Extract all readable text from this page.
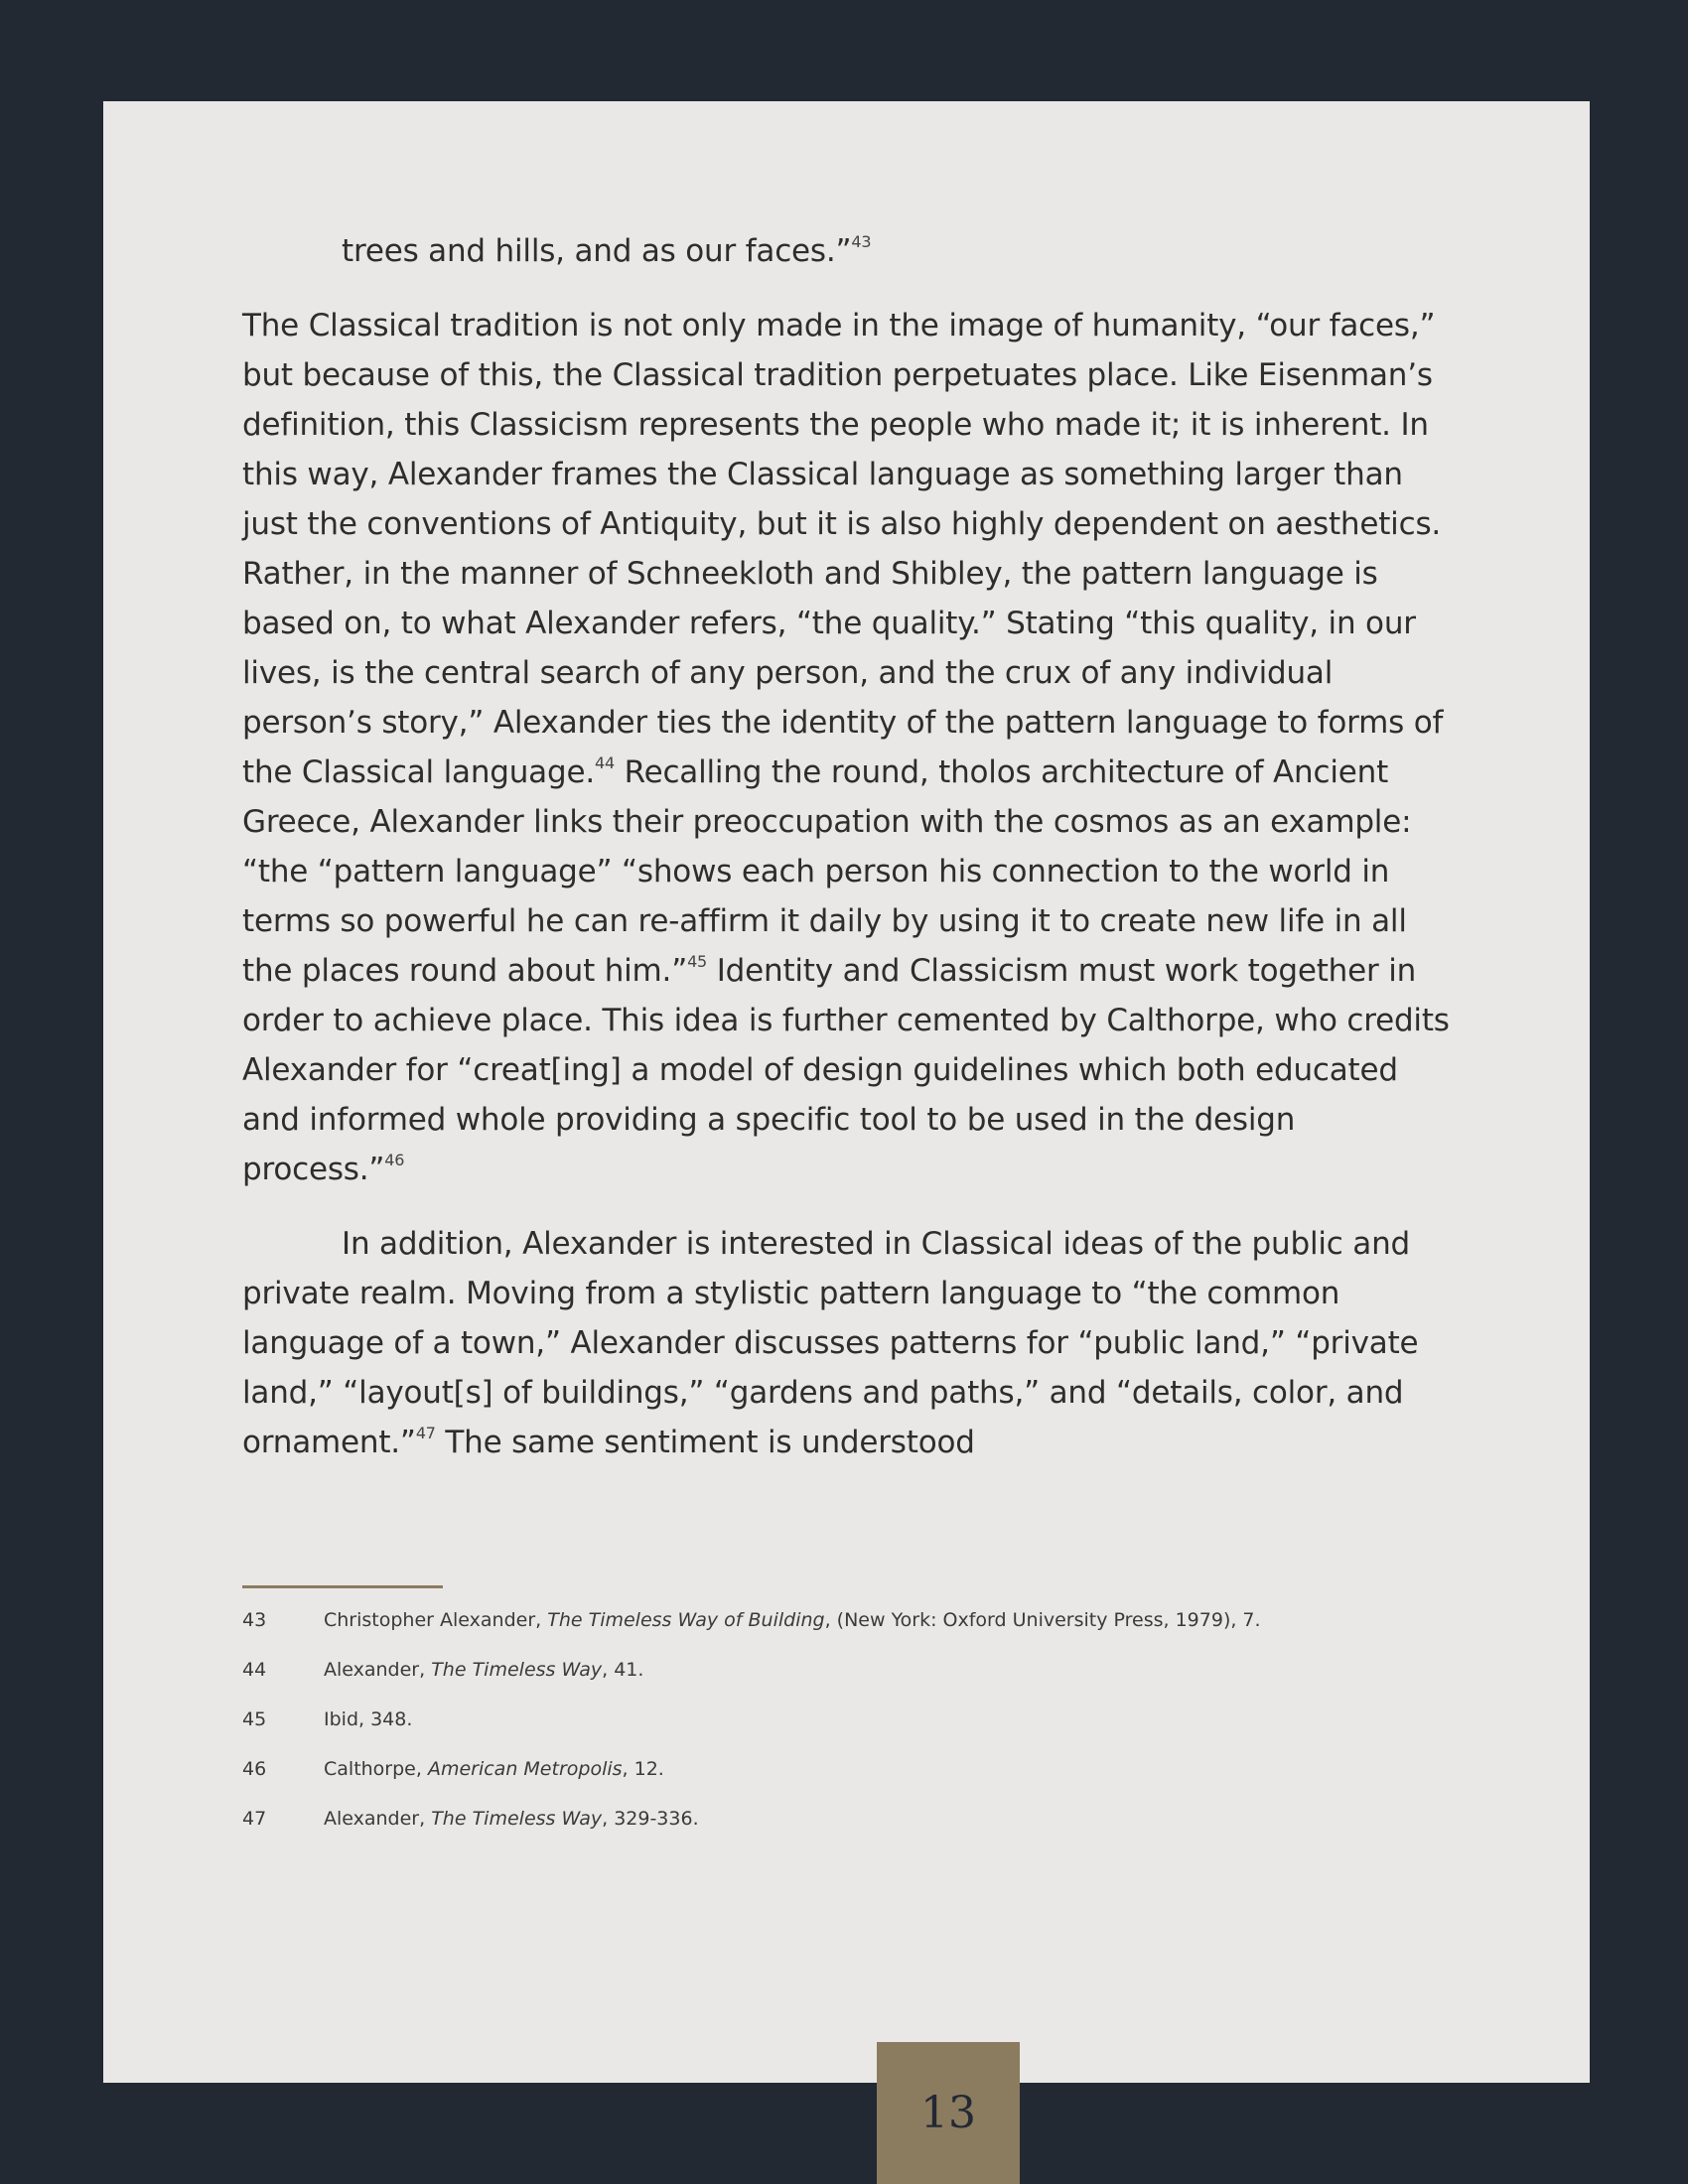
trees and hills, and as our faces.”$^{43}$

The Classical tradition is not only made in the image of humanity, “our faces,” but because of this, the Classical tradition perpetuates place. Like Eisenman’s definition, this Classicism represents the people who made it; it is inherent. In this way, Alexander frames the Classical language as something larger than just the conventions of Antiquity, but it is also highly dependent on aesthetics. Rather, in the manner of Schneekloth and Shibley, the pattern language is based on, to what Alexander refers, “the quality.” Stating “this quality, in our lives, is the central search of any person, and the crux of any individual person’s story,” Alexander ties the identity of the pattern language to forms of the Classical language.$^{44}$ Recalling the round, tholos architecture of Ancient Greece, Alexander links their preoccupation with the cosmos as an example: “the “pattern language” “shows each person his connection to the world in terms so powerful he can re-affirm it daily by using it to create new life in all the places round about him.”$^{45}$ Identity and Classicism must work together in order to achieve place. This idea is further cemented by Calthorpe, who credits Alexander for “creat[ing] a model of design guidelines which both educated and informed whole providing a specific tool to be used in the design process.”$^{46}$

In addition, Alexander is interested in Classical ideas of the public and private realm. Moving from a stylistic pattern language to “the common language of a town,” Alexander discusses patterns for “public land,” “private land,” “layout[s] of buildings,” “gardens and paths,” and “details, color, and ornament.”$^{47}$ The same sentiment is understood

43	Christopher Alexander, The Timeless Way of Building, (New York: Oxford University Press, 1979), 7.
44	Alexander, The Timeless Way, 41.
45	Ibid, 348.
46	Calthorpe, American Metropolis, 12.
47	Alexander, The Timeless Way, 329-336.
13
